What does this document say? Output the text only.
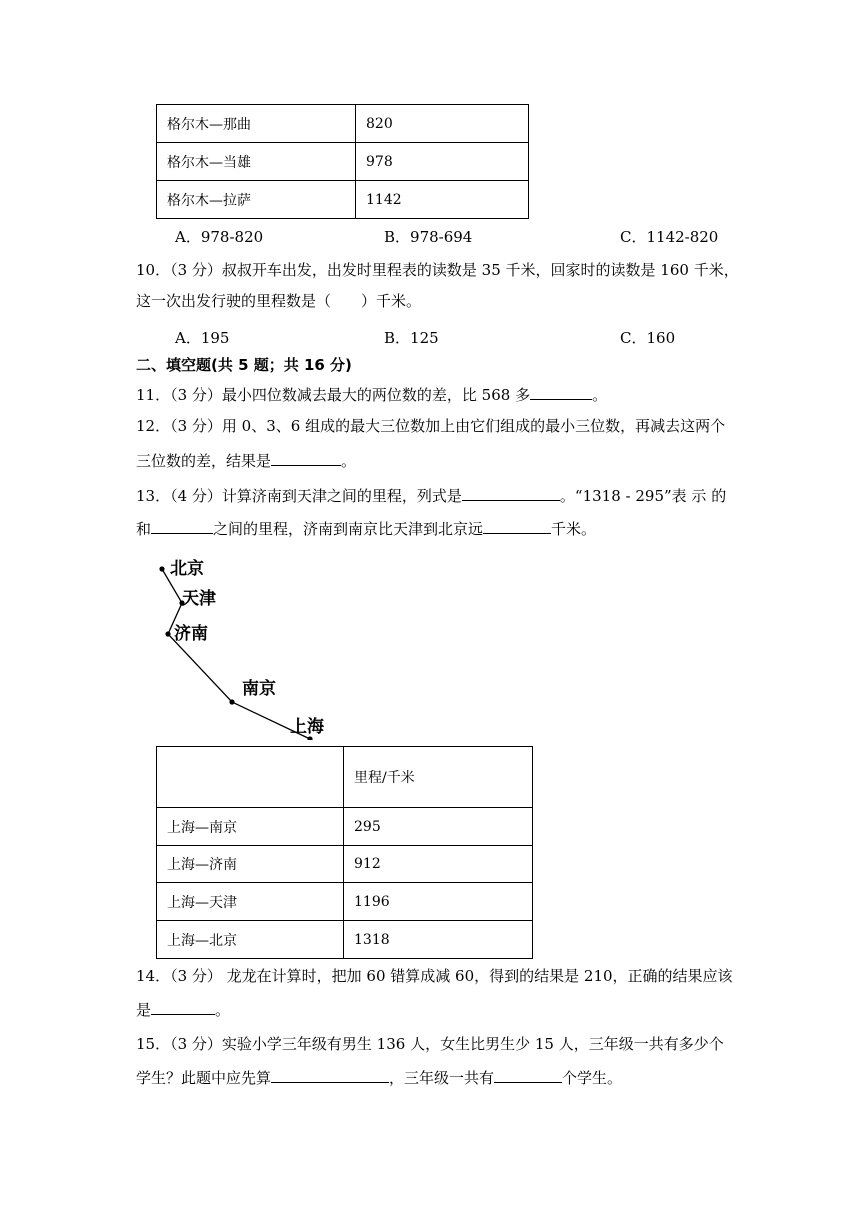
格尔木—那曲	820
格尔木—当雄	978
格尔木—拉萨	1142
A．978-820	B．978-694	C．1142-820
10．（3 分）叔叔开车出发，出发时里程表的读数是 35 千米，回家时的读数是 160 千米，
这一次出发行驶的里程数是（　　）千米。
A．195	B．125	C．160
二、填空题(共 5 题；共 16 分)
11．（3 分）最小四位数减去最大的两位数的差，比 568 多	。
12．（3 分）用 0、3、6 组成的最大三位数加上由它们组成的最小三位数，再减去这两个
三位数的差，结果是	。
13．（4 分）计算济南到天津之间的里程，列式是	。“1318 - 295”表 示 的
和	之间的里程，济南到南京比天津到北京远	千米。
北京
天津
济南
南京
上海
	里程/千米
上海—南京	295
上海—济南	912
上海—天津	1196
上海—北京	1318
14．（3 分） 龙龙在计算时，把加 60 错算成减 60，得到的结果是 210，正确的结果应该
是	。
15．（3 分）实验小学三年级有男生 136 人，女生比男生少 15 人，三年级一共有多少个
学生？此题中应先算	，三年级一共有	个学生。
